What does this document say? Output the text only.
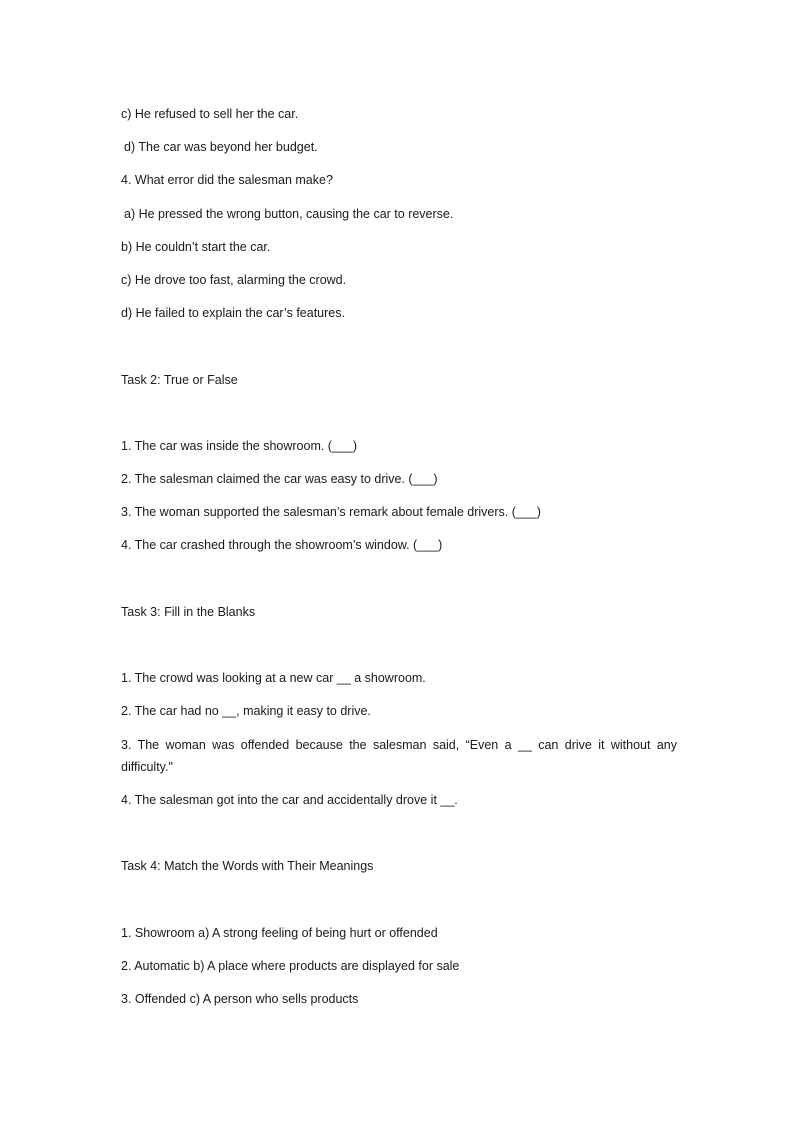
c) He refused to sell her the car.

d) The car was beyond her budget.

4. What error did the salesman make?

a) He pressed the wrong button, causing the car to reverse.

b) He couldn’t start the car.

c) He drove too fast, alarming the crowd.

d) He failed to explain the car’s features.

Task 2: True or False

1. The car was inside the showroom. (___)

2. The salesman claimed the car was easy to drive. (___)

3. The woman supported the salesman’s remark about female drivers. (___)

4. The car crashed through the showroom’s window. (___)

Task 3: Fill in the Blanks

1. The crowd was looking at a new car __ a showroom.

2. The car had no __, making it easy to drive.

3. The woman was offended because the salesman said, “Even a __ can drive it without any

difficulty."

4. The salesman got into the car and accidentally drove it __.

Task 4: Match the Words with Their Meanings

1. Showroom a) A strong feeling of being hurt or offended

2. Automatic b) A place where products are displayed for sale

3. Offended c) A person who sells products
